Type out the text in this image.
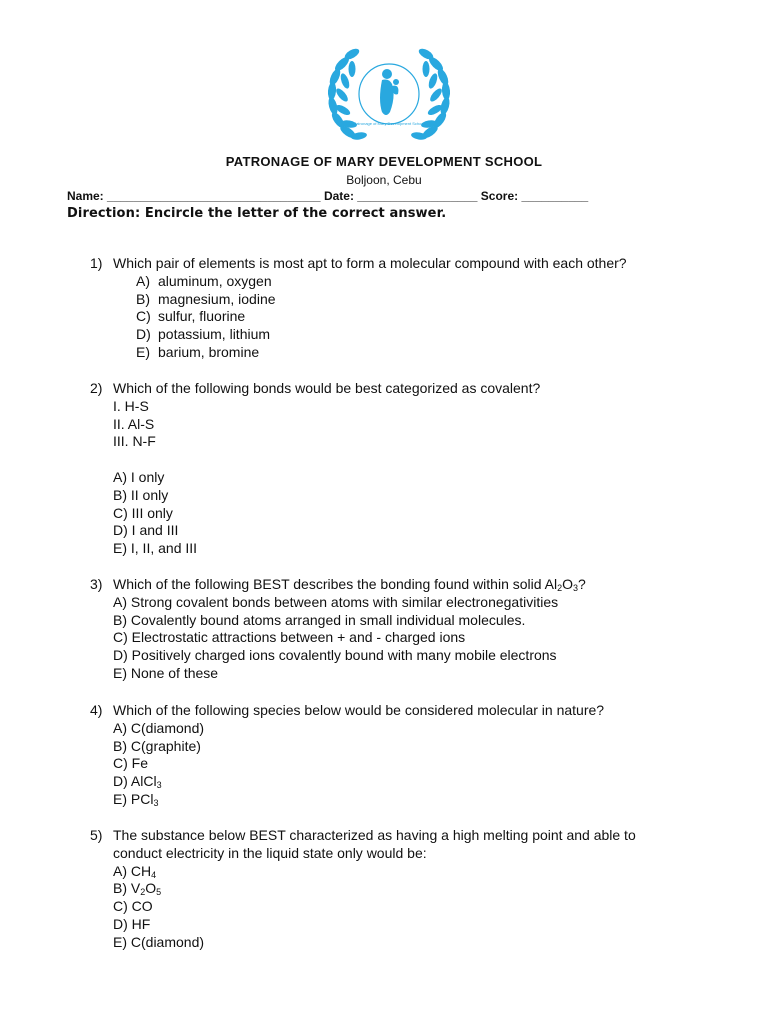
Patronage of Mary Development School
PATRONAGE OF MARY DEVELOPMENT SCHOOL
Boljoon, Cebu
Name: ________________________________ Date: __________________ Score: __________
Direction: Encircle the letter of the correct answer.
1) Which pair of elements is most apt to form a molecular compound with each other?
A) aluminum, oxygen
B) magnesium, iodine
C) sulfur, fluorine
D) potassium, lithium
E) barium, bromine
2) Which of the following bonds would be best categorized as covalent?
I. H-S
II. Al-S
III. N-F
A) I only
B) II only
C) III only
D) I and III
E) I, II, and III
3) Which of the following BEST describes the bonding found within solid $Al_2O_3$?
A) Strong covalent bonds between atoms with similar electronegativities
B) Covalently bound atoms arranged in small individual molecules.
C) Electrostatic attractions between + and - charged ions
D) Positively charged ions covalently bound with many mobile electrons
E) None of these
4) Which of the following species below would be considered molecular in nature?
A) C(diamond)
B) C(graphite)
C) Fe
D) AlCl$_3$
E) PCl$_3$
5) The substance below BEST characterized as having a high melting point and able to
conduct electricity in the liquid state only would be:
A) $CH_4$
B) $V_2O_5$
C) CO
D) HF
E) C(diamond)
